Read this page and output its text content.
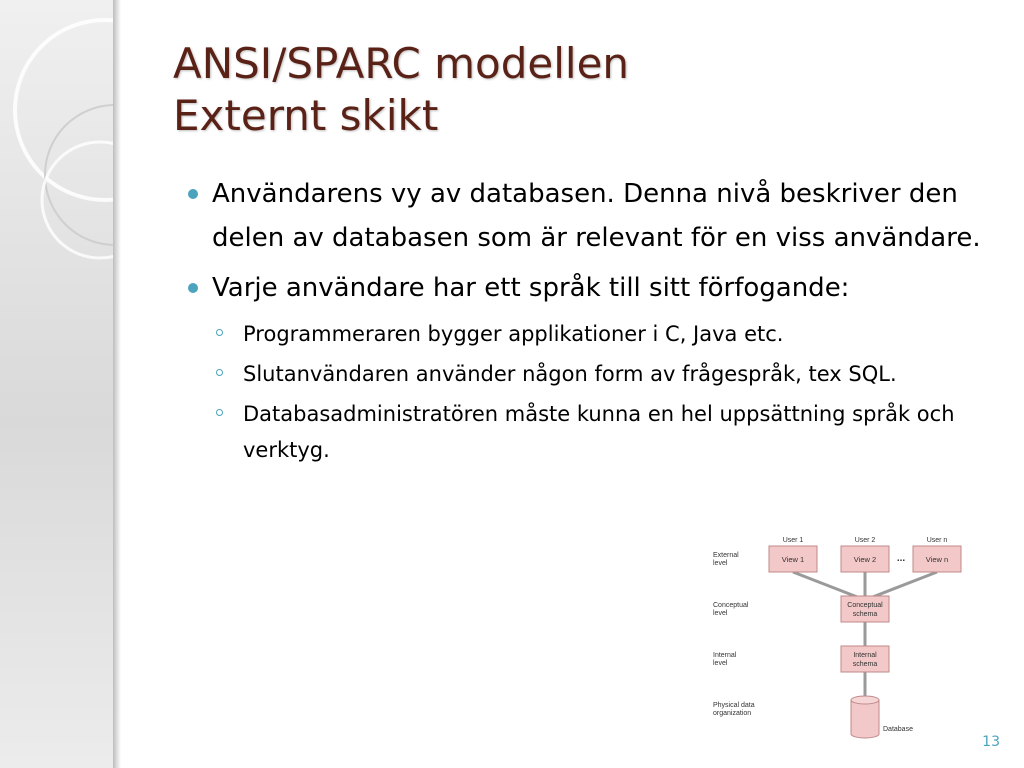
ANSI/SPARC modellen
Externt skikt
Användarens vy av databasen. Denna nivå beskriver den delen av databasen som är relevant för en viss användare.
Varje användare har ett språk till sitt förfogande:
Programmeraren bygger applikationer i C, Java etc.
Slutanvändaren använder någon form av frågespråk, tex SQL.
Databasadministratören måste kunna en hel uppsättning språk och verktyg.
External
level
Conceptual
level
Internal
level
Physical data
organization
User 1	User 2	User n
View 1	View 2	View n
...
Conceptual
schema
Internal
schema
Database
13
